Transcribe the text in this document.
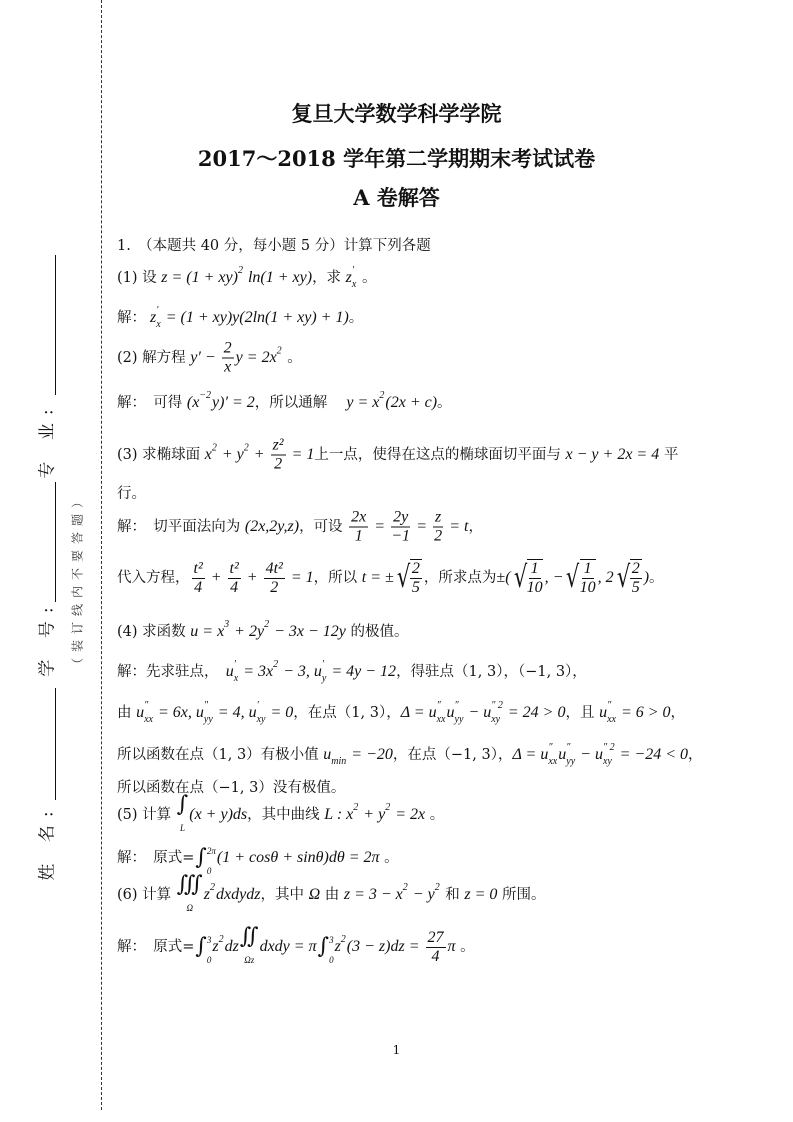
专 业:
学 号:
姓 名:
（装订线内不要答题）
复旦大学数学科学学院
2017～2018 学年第二学期期末考试试卷
A 卷解答
1.　（本题共 40 分，每小题 5 分）计算下列各题
(1) 设 z = (1 + xy) 2
ln(1 + xy)，求 z ′
x 。
解： z ′
x = (1 + xy)y(2ln(1 + xy) + 1)。
(2) 解方程 $y' - \frac{2}{x}$ y = 2x 2
。
解：　可得 (x −2
y)′ = 2，所以通解　 y = x 2
(2x + c)。
(3) 求椭球面 x 2
+ y 2
+ $\frac{\text{z²}}{2} = 1$上一点，使得在这点的椭球面切平面与 x − y + 2x = 4 平
行。
解：　切平面法向为 (2x,2y,z)，可设 $\frac{2x}{1} = \frac{2y}{-1} = \frac{z}{2} = t$，
代入方程， $\frac{\text{t²}}{4} + \frac{\text{t²}}{4} + \frac{\text{4t²}}{2} = 1$，所以 t = ± √ $\frac{2}{5}$ ，所求点为±( √ $\frac{1}{10}$ , − √ $\frac{1}{10}$ , 2 √ $\frac{2}{5}$ )。
(4) 求函数 u = x 3
+ 2y 2
− 3x − 12y 的极值。
解：先求驻点，　u ′
x = 3x 2
− 3, u ′
y = 4y − 12，得驻点（1, 3），（−1, 3），
由 u ″
xx = 6x, u ″
yy = 4, u ′
xy = 0，在点（1, 3），Δ = u ″
xx u ″
yy − u ″ 2
xy = 24 > 0，且 u ″
xx = 6 > 0，
所以函数在点（1, 3）有极小值 u
min = −20，在点（−1, 3），Δ = u ″
xx u ″
yy − u ″ 2
xy = −24 < 0，
所以函数在点（−1, 3）没有极值。
(5) 计算 ∫
L
(x + y)ds，其中曲线 L : x 2
+ y 2
= 2x 。
解：　原式= ∫ 2π
0
(1 + cosθ + sinθ)dθ = 2π 。
(6) 计算 ∭
Ω
z 2
dxdydz，其中 Ω 由 z = 3 − x 2
− y 2
和 z = 0 所围。
解：　原式= ∫ 3
0
z 2
dz ∬
Ωz
dxdy = π ∫ 3
0
z 2
$(3 - z)dz = \frac{27}{4}$ π 。
1
